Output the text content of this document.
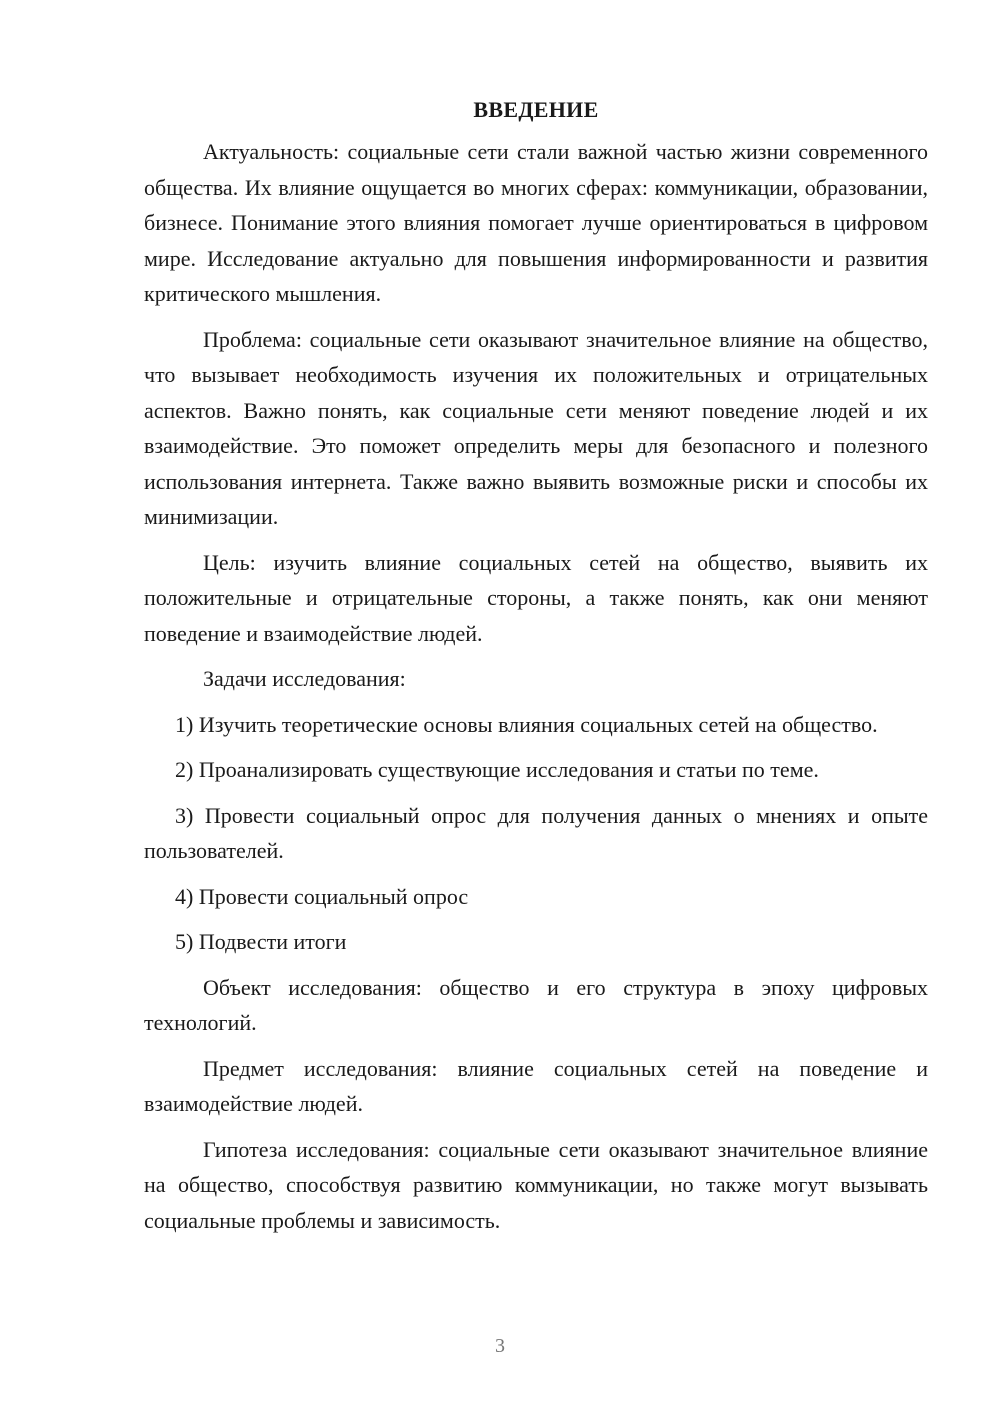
ВВЕДЕНИЕ

Актуальность: социальные сети стали важной частью жизни современного общества. Их влияние ощущается во многих сферах: коммуникации, образовании, бизнесе. Понимание этого влияния помогает лучше ориентироваться в цифровом мире. Исследование актуально для повышения информированности и развития критического мышления.

Проблема: социальные сети оказывают значительное влияние на общество, что вызывает необходимость изучения их положительных и отрицательных аспектов. Важно понять, как социальные сети меняют поведение людей и их взаимодействие. Это поможет определить меры для безопасного и полезного использования интернета. Также важно выявить возможные риски и способы их минимизации.

Цель: изучить влияние социальных сетей на общество, выявить их положительные и отрицательные стороны, а также понять, как они меняют поведение и взаимодействие людей.

Задачи исследования:

1) Изучить теоретические основы влияния социальных сетей на общество.

2) Проанализировать существующие исследования и статьи по теме.

3) Провести социальный опрос для получения данных о мнениях и опыте пользователей.

4) Провести социальный опрос

5) Подвести итоги

Объект исследования: общество и его структура в эпоху цифровых технологий.

Предмет исследования: влияние социальных сетей на поведение и взаимодействие людей.

Гипотеза исследования: социальные сети оказывают значительное влияние на общество, способствуя развитию коммуникации, но также могут вызывать социальные проблемы и зависимость.

3
